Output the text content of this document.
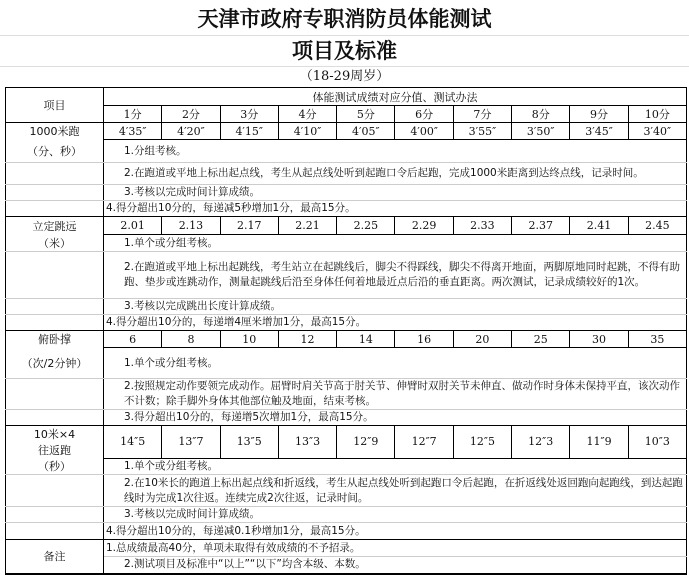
天津市政府专职消防员体能测试
项目及标准
（18-29周岁）
项目	体能测试成绩对应分值、测试办法									
	1分	2分	3分	4分	5分	6分	7分	8分	9分	10分
1000米跑	4′35″	4′20″	4′15″	4′10″	4′05″	4′00″	3′55″	3′50″	3′45″	3′40″
（分、秒）	1.分组考核。									
	2.在跑道或平地上标出起点线，考生从起点线处听到起跑口令后起跑，完成1000米距离到达终点线，记录时间。									
	3.考核以完成时间计算成绩。									
	4.得分超出10分的，每递减5秒增加1分，最高15分。									
立定跳远	2.01	2.13	2.17	2.21	2.25	2.29	2.33	2.37	2.41	2.45
（米）	1.单个或分组考核。									
	2.在跑道或平地上标出起跳线，考生站立在起跳线后，脚尖不得踩线，脚尖不得离开地面，两脚原地同时起跳，不得有助跑、垫步或连跳动作，测量起跳线后沿至身体任何着地最近点后沿的垂直距离。两次测试，记录成绩较好的1次。									
	3.考核以完成跳出长度计算成绩。									
	4.得分超出10分的，每递增4厘米增加1分，最高15分。									
俯卧撑	6	8	10	12	14	16	20	25	30	35
（次/2分钟）	1.单个或分组考核。									
	2.按照规定动作要领完成动作。屈臂时肩关节高于肘关节、伸臂时双肘关节未伸直、做动作时身体未保持平直，该次动作不计数；除手脚外身体其他部位触及地面，结束考核。									
	3.得分超出10分的，每递增5次增加1分，最高15分。									
10米×4
往返跑	14″5	13″7	13″5	13″3	12″9	12″7	12″5	12″3	11″9	10″3
（秒）	1.单个或分组考核。									
	2.在10米长的跑道上标出起点线和折返线，考生从起点线处听到起跑口令后起跑，在折返线处返回跑向起跑线，到达起跑线时为完成1次往返。连续完成2次往返，记录时间。									
	3.考核以完成时间计算成绩。									
	4.得分超出10分的，每递减0.1秒增加1分，最高15分。									
备注	1.总成绩最高40分，单项未取得有效成绩的不予招录。									
	2.测试项目及标准中“以上”“以下”均含本级、本数。									
